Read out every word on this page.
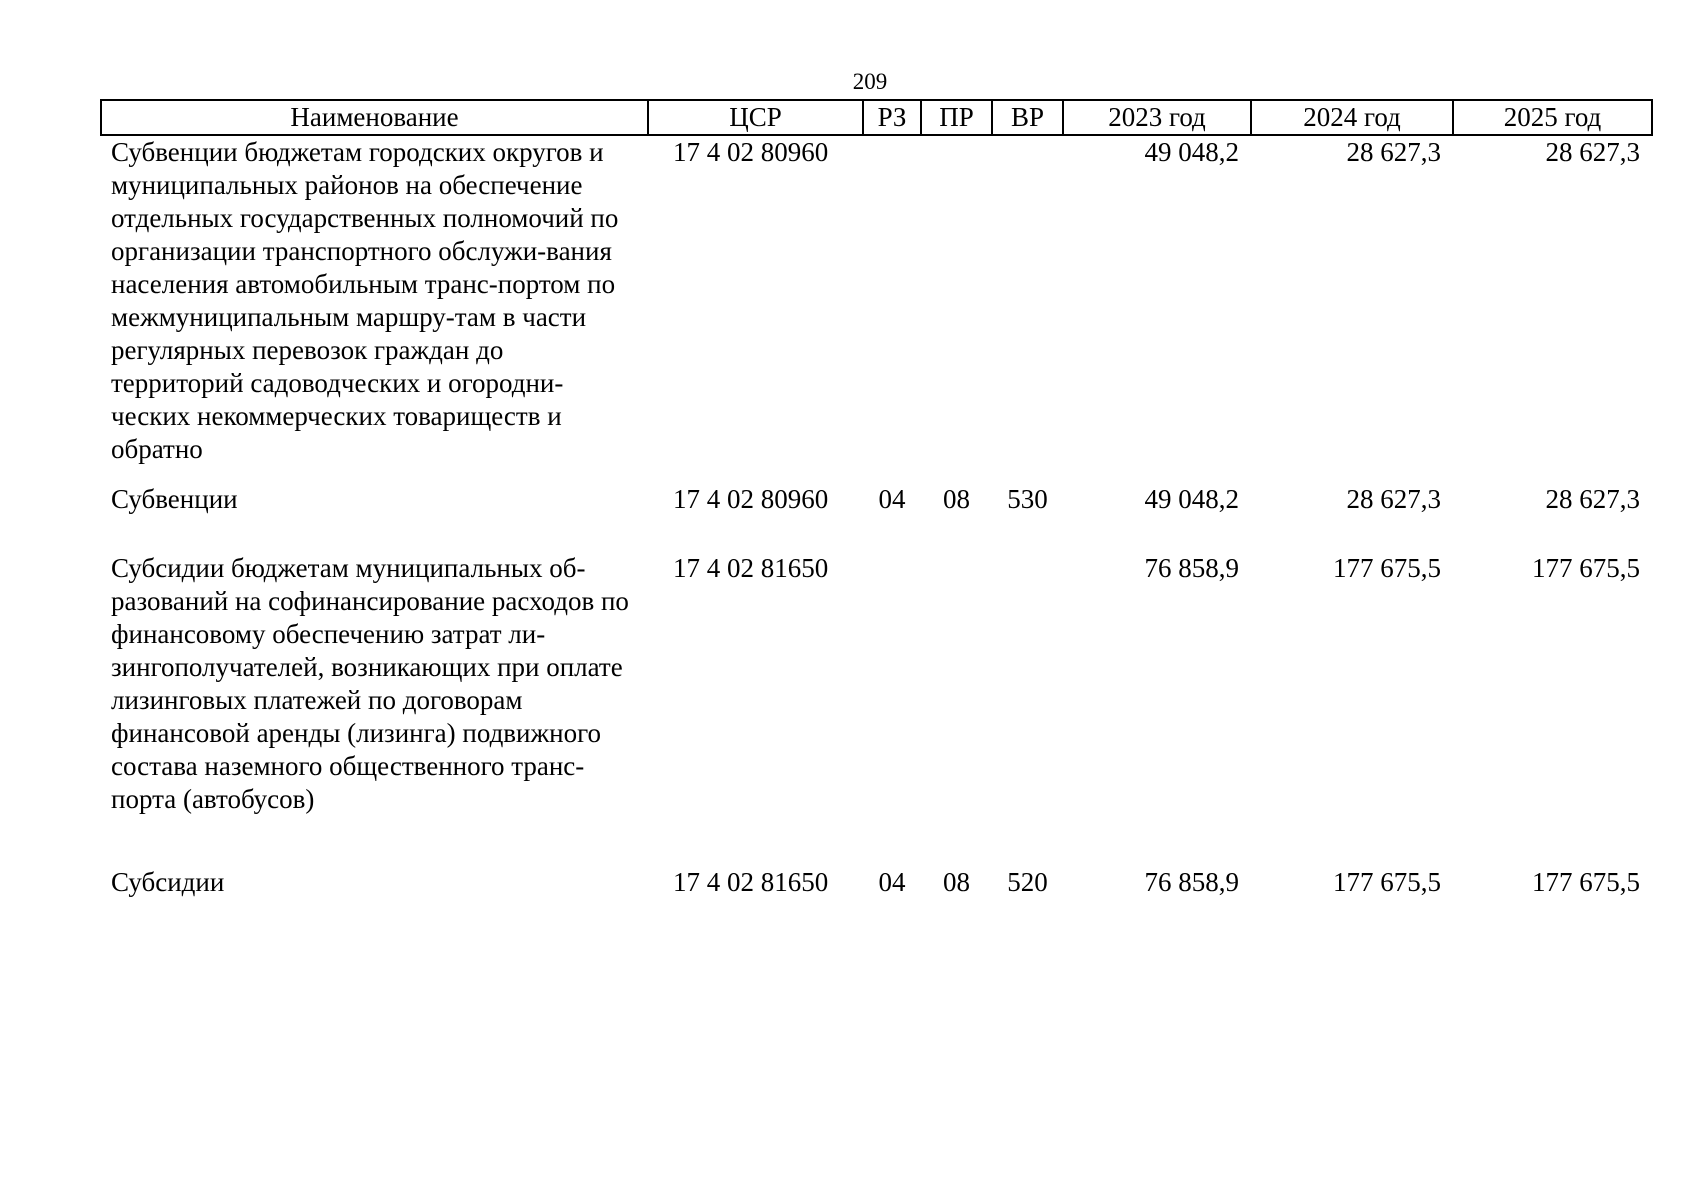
209
Наименование	ЦСР	РЗ	ПР	ВР	2023 год	2024 год	2025 год
Субвенции бюджетам городских округов и муниципальных районов на обеспечение отдельных государственных полномочий по организации транспортного обслужи-вания населения автомобильным транс-портом по межмуниципальным маршру-там в части регулярных перевозок граждан до территорий садоводческих и огородни-ческих некоммерческих товариществ и обратно	17 4 02 80960				49 048,2	28 627,3	28 627,3
Субвенции	17 4 02 80960	04	08	530	49 048,2	28 627,3	28 627,3
Субсидии бюджетам муниципальных об-разований на софинансирование расходов по финансовому обеспечению затрат ли-зингополучателей, возникающих при оплате лизинговых платежей по договорам финансовой аренды (лизинга) подвижного состава наземного общественного транс-порта (автобусов)	17 4 02 81650				76 858,9	177 675,5	177 675,5
Субсидии	17 4 02 81650	04	08	520	76 858,9	177 675,5	177 675,5
